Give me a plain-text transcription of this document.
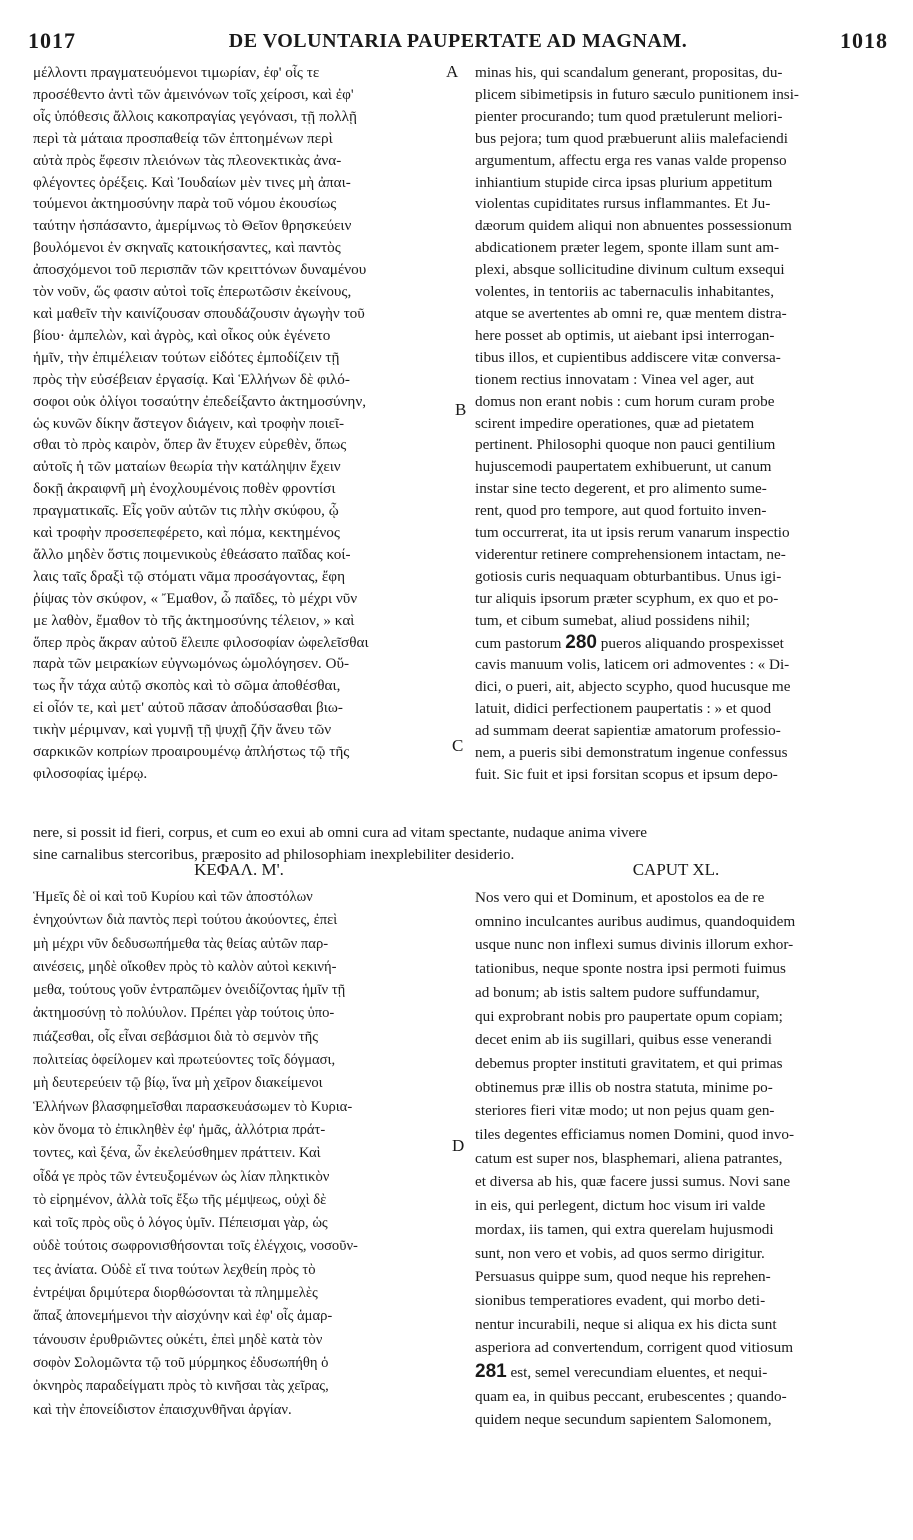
1017	DE VOLUNTARIA PAUPERTATE AD MAGNAM.	1018
A
B
C
D
μέλλοντι πραγματευόμενοι τιμωρίαν, ἐφ' οἷς τε
προσέθεντο ἀντὶ τῶν ἀμεινόνων τοῖς χείροσι, καὶ ἐφ'
οἷς ὑπόθεσις ἄλλοις κακοπραγίας γεγόνασι, τῇ πολλῇ
περὶ τὰ μάταια προσπαθείᾳ τῶν ἐπτοημένων περὶ
αὐτὰ πρὸς ἔφεσιν πλειόνων τὰς πλεονεκτικὰς ἀνα-
φλέγοντες ὀρέξεις. Καὶ Ἰουδαίων μὲν τινες μὴ ἀπαι-
τούμενοι ἀκτημοσύνην παρὰ τοῦ νόμου ἑκουσίως
ταύτην ἠσπάσαντο, ἀμερίμνως τὸ Θεῖον θρησκεύειν
βουλόμενοι ἐν σκηναῖς κατοικήσαντες, καὶ παντὸς
ἀποσχόμενοι τοῦ περισπᾶν τῶν κρειττόνων δυναμένου
τὸν νοῦν, ὥς φασιν αὐτοὶ τοῖς ἐπερωτῶσιν ἐκείνους,
καὶ μαθεῖν τὴν καινίζουσαν σπουδάζουσιν ἀγωγὴν τοῦ
βίου· ἀμπελὼν, καὶ ἀγρὸς, καὶ οἶκος οὐκ ἐγένετο
ἡμῖν, τὴν ἐπιμέλειαν τούτων εἰδότες ἐμποδίζειν τῇ
πρὸς τὴν εὐσέβειαν ἐργασίᾳ. Καὶ Ἑλλήνων δὲ φιλό-
σοφοι οὐκ ὀλίγοι τοσαύτην ἐπεδείξαντο ἀκτημοσύνην,
ὡς κυνῶν δίκην ἄστεγον διάγειν, καὶ τροφὴν ποιεῖ-
σθαι τὸ πρὸς καιρὸν, ὅπερ ἂν ἔτυχεν εὑρεθὲν, ὅπως
αὐτοῖς ἡ τῶν ματαίων θεωρία τὴν κατάληψιν ἔχειν
δοκῇ ἀκραιφνῆ μὴ ἐνοχλουμένοις ποθὲν φροντίσι
πραγματικαῖς. Εἷς γοῦν αὐτῶν τις πλὴν σκύφου, ᾧ
καὶ τροφὴν προσεπεφέρετο, καὶ πόμα, κεκτημένος
ἄλλο μηδὲν ὅστις ποιμενικοὺς ἐθεάσατο παῖδας κοί-
λαις ταῖς δραξὶ τῷ στόματι νᾶμα προσάγοντας, ἔφη
ῥίψας τὸν σκύφον, « Ἔμαθον, ὦ παῖδες, τὸ μέχρι νῦν
με λαθὸν, ἔμαθον τὸ τῆς ἀκτημοσύνης τέλειον, » καὶ
ὅπερ πρὸς ἄκραν αὐτοῦ ἔλειπε φιλοσοφίαν ὠφελεῖσθαι
παρὰ τῶν μειρακίων εὐγνωμόνως ὡμολόγησεν. Οὕ-
τως ἦν τάχα αὐτῷ σκοπὸς καὶ τὸ σῶμα ἀποθέσθαι,
εἰ οἷόν τε, καὶ μετ' αὐτοῦ πᾶσαν ἀποδύσασθαι βιω-
τικὴν μέριμναν, καὶ γυμνῇ τῇ ψυχῇ ζῆν ἄνευ τῶν
σαρκικῶν κοπρίων προαιρουμένῳ ἀπλήστως τῷ τῆς
φιλοσοφίας ἱμέρῳ.
minas his, qui scandalum generant, propositas, du-
plicem sibimetipsis in futuro sæculo punitionem insi-
pienter procurando; tum quod prætulerunt meliori-
bus pejora; tum quod præbuerunt aliis malefaciendi
argumentum, affectu erga res vanas valde propenso
inhiantium stupide circa ipsas plurium appetitum
violentas cupiditates rursus inflammantes. Et Ju-
dæorum quidem aliqui non abnuentes possessionum
abdicationem præter legem, sponte illam sunt am-
plexi, absque sollicitudine divinum cultum exsequi
volentes, in tentoriis ac tabernaculis inhabitantes,
atque se avertentes ab omni re, quæ mentem distra-
here posset ab optimis, ut aiebant ipsi interrogan-
tibus illos, et cupientibus addiscere vitæ conversa-
tionem rectius innovatam : Vinea vel ager, aut
domus non erant nobis : cum horum curam probe
scirent impedire operationes, quæ ad pietatem
pertinent. Philosophi quoque non pauci gentilium
hujuscemodi paupertatem exhibuerunt, ut canum
instar sine tecto degerent, et pro alimento sume-
rent, quod pro tempore, aut quod fortuito inven-
tum occurrerat, ita ut ipsis rerum vanarum inspectio
viderentur retinere comprehensionem intactam, ne-
gotiosis curis nequaquam obturbantibus. Unus igi-
tur aliquis ipsorum præter scyphum, ex quo et po-
tum, et cibum sumebat, aliud possidens nihil;
cum pastorum 280 pueros aliquando prospexisset
cavis manuum volis, laticem ori admoventes : « Di-
dici, o pueri, ait, abjecto scypho, quod hucusque me
latuit, didici perfectionem paupertatis : » et quod
ad summam deerat sapientiæ amatorum professio-
nem, a pueris sibi demonstratum ingenue confessus
fuit. Sic fuit et ipsi forsitan scopus et ipsum depo-
nere, si possit id fieri, corpus, et cum eo exui ab omni cura ad vitam spectante, nudaque anima vivere
sine carnalibus stercoribus, præposito ad philosophiam inexplebiliter desiderio.
ΚΕΦΑΛ. Μ'.	CAPUT XL.
Ἡμεῖς δὲ οἱ καὶ τοῦ Κυρίου καὶ τῶν ἀποστόλων
ἐνηχούντων διὰ παντὸς περὶ τούτου ἀκούοντες, ἐπεὶ
μὴ μέχρι νῦν δεδυσωπήμεθα τὰς θείας αὐτῶν παρ-
αινέσεις, μηδὲ οἴκοθεν πρὸς τὸ καλὸν αὐτοὶ κεκινή-
μεθα, τούτους γοῦν ἐντραπῶμεν ὀνειδίζοντας ἡμῖν τῇ
ἀκτημοσύνῃ τὸ πολύυλον. Πρέπει γὰρ τούτοις ὑπο-
πιάζεσθαι, οἷς εἶναι σεβάσμιοι διὰ τὸ σεμνὸν τῆς
πολιτείας ὀφείλομεν καὶ πρωτεύοντες τοῖς δόγμασι,
μὴ δευτερεύειν τῷ βίῳ, ἵνα μὴ χεῖρον διακείμενοι
Ἑλλήνων βλασφημεῖσθαι παρασκευάσωμεν τὸ Κυρια-
κὸν ὄνομα τὸ ἐπικληθὲν ἐφ' ἡμᾶς, ἀλλότρια πράτ-
τοντες, καὶ ξένα, ὧν ἐκελεύσθημεν πράττειν. Καὶ
οἶδά γε πρὸς τῶν ἐντευξομένων ὡς λίαν πληκτικὸν
τὸ εἰρημένον, ἀλλὰ τοῖς ἔξω τῆς μέμψεως, οὐχὶ δὲ
καὶ τοῖς πρὸς οὓς ὁ λόγος ὑμῖν. Πέπεισμαι γὰρ, ὡς
οὐδὲ τούτοις σωφρονισθήσονται τοῖς ἐλέγχοις, νοσοῦν-
τες ἀνίατα. Οὐδὲ εἴ τινα τούτων λεχθείη πρὸς τὸ
ἐντρέψαι δριμύτερα διορθώσονται τὰ πλημμελὲς
ἅπαξ ἀπονεμήμενοι τὴν αἰσχύνην καὶ ἐφ' οἷς ἁμαρ-
τάνουσιν ἐρυθριῶντες οὐκέτι, ἐπεὶ μηδὲ κατὰ τὸν
σοφὸν Σολομῶντα τῷ τοῦ μύρμηκος ἐδυσωπήθη ὁ
ὀκνηρὸς παραδείγματι πρὸς τὸ κινῆσαι τὰς χεῖρας,
καὶ τὴν ἐπονείδιστον ἐπαισχυνθῆναι ἀργίαν.
Nos vero qui et Dominum, et apostolos ea de re
omnino inculcantes auribus audimus, quandoquidem
usque nunc non inflexi sumus divinis illorum exhor-
tationibus, neque sponte nostra ipsi permoti fuimus
ad bonum; ab istis saltem pudore suffundamur,
qui exprobrant nobis pro paupertate opum copiam;
decet enim ab iis sugillari, quibus esse venerandi
debemus propter instituti gravitatem, et qui primas
obtinemus præ illis ob nostra statuta, minime po-
steriores fieri vitæ modo; ut non pejus quam gen-
tiles degentes efficiamus nomen Domini, quod invo-
catum est super nos, blasphemari, aliena patrantes,
et diversa ab his, quæ facere jussi sumus. Novi sane
in eis, qui perlegent, dictum hoc visum iri valde
mordax, iis tamen, qui extra querelam hujusmodi
sunt, non vero et vobis, ad quos sermo dirigitur.
Persuasus quippe sum, quod neque his reprehen-
sionibus temperatiores evadent, qui morbo deti-
nentur incurabili, neque si aliqua ex his dicta sunt
asperiora ad convertendum, corrigent quod vitiosum
281 est, semel verecundiam eluentes, et nequi-
quam ea, in quibus peccant, erubescentes ; quando-
quidem neque secundum sapientem Salomonem,
